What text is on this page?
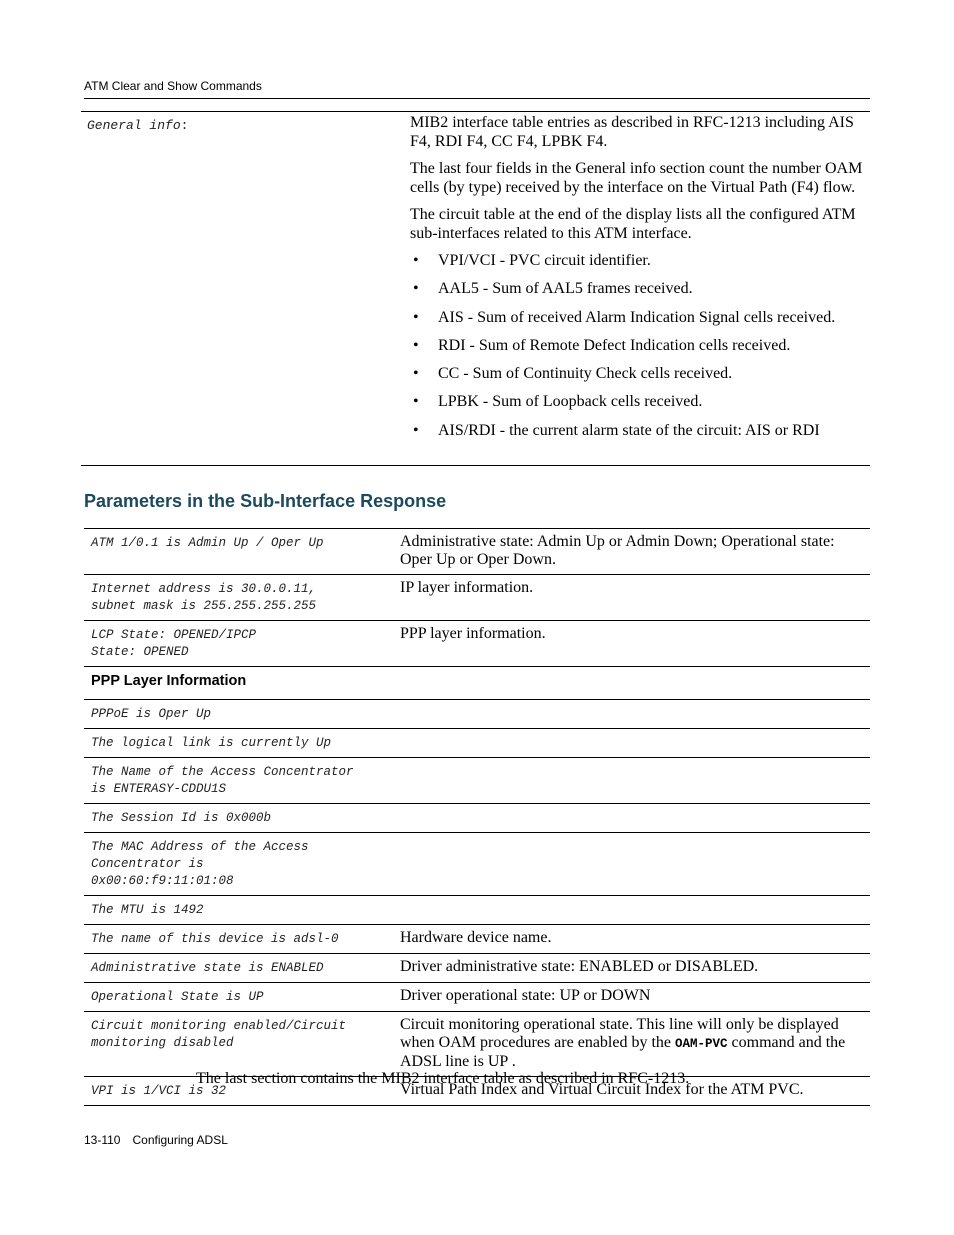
ATM Clear and Show Commands
General info:	MIB2 interface table entries as described in RFC-1213 including AIS F4, RDI F4, CC F4, LPBK F4.

The last four fields in the General info section count the number OAM cells (by type) received by the interface on the Virtual Path (F4) flow.

The circuit table at the end of the display lists all the configured ATM sub-interfaces related to this ATM interface.

• VPI/VCI - PVC circuit identifier.
• AAL5 - Sum of AAL5 frames received.
• AIS - Sum of received Alarm Indication Signal cells received.
• RDI - Sum of Remote Defect Indication cells received.
• CC - Sum of Continuity Check cells received.
• LPBK - Sum of Loopback cells received.
• AIS/RDI - the current alarm state of the circuit: AIS or RDI
Parameters in the Sub-Interface Response
ATM 1/0.1 is Admin Up / Oper Up	Administrative state: Admin Up or Admin Down; Operational state: Oper Up or Oper Down.

Internet address is 30.0.0.11,
subnet mask is 255.255.255.255	IP layer information.

LCP State: OPENED/IPCP
State: OPENED	PPP layer information.

PPP Layer Information	

PPPoE is Oper Up	

The logical link is currently Up	

The Name of the Access Concentrator
is ENTERASY-CDDU1S	

The Session Id is 0x000b	

The MAC Address of the Access
Concentrator is
0x00:60:f9:11:01:08	

The MTU is 1492	

The name of this device is adsl-0	Hardware device name.

Administrative state is ENABLED	Driver administrative state: ENABLED or DISABLED.

Operational State is UP	Driver operational state: UP or DOWN

Circuit monitoring enabled/Circuit
monitoring disabled	Circuit monitoring operational state. This line will only be displayed when OAM procedures are enabled by the OAM-PVC command and the ADSL line is UP .

VPI is 1/VCI is 32	Virtual Path Index and Virtual Circuit Index for the ATM PVC.
The last section contains the MIB2 interface table as described in RFC-1213.
13-110 Configuring ADSL
